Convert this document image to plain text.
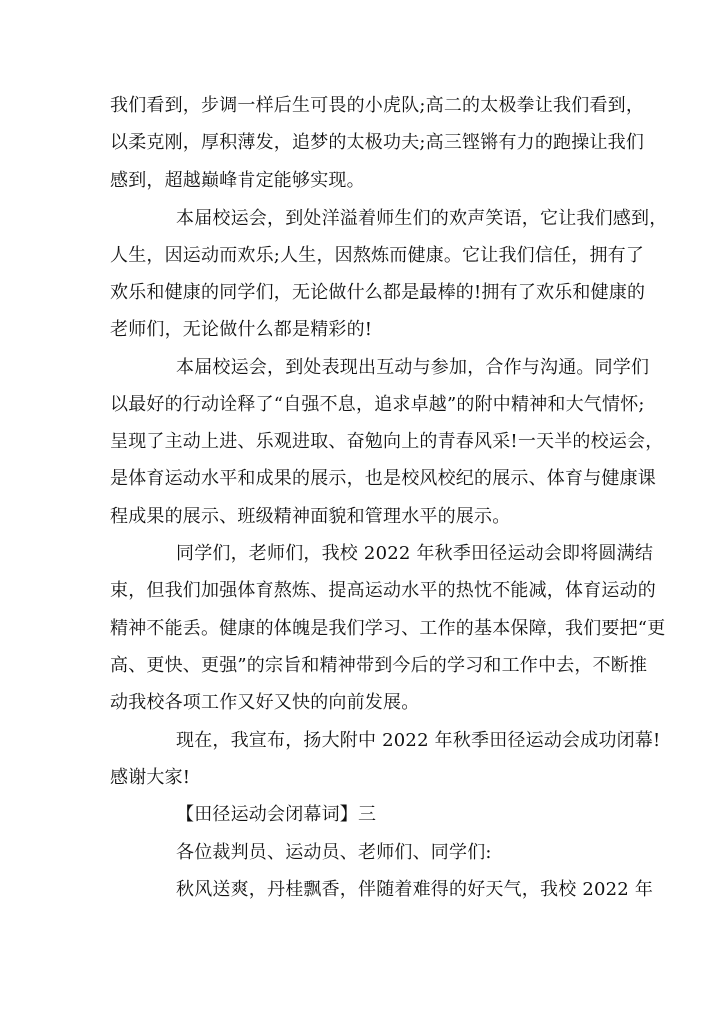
我们看到，步调一样后生可畏的小虎队;高二的太极拳让我们看到，
以柔克刚，厚积薄发，追梦的太极功夫;高三铿锵有力的跑操让我们
感到，超越巅峰肯定能够实现。
本届校运会，到处洋溢着师生们的欢声笑语，它让我们感到，
人生，因运动而欢乐;人生，因熬炼而健康。它让我们信任，拥有了
欢乐和健康的同学们，无论做什么都是最棒的!拥有了欢乐和健康的
老师们，无论做什么都是精彩的!
本届校运会，到处表现出互动与参加，合作与沟通。同学们
以最好的行动诠释了“自强不息，追求卓越”的附中精神和大气情怀;
呈现了主动上进、乐观进取、奋勉向上的青春风采!一天半的校运会，
是体育运动水平和成果的展示，也是校风校纪的展示、体育与健康课
程成果的展示、班级精神面貌和管理水平的展示。
同学们，老师们，我校 2022 年秋季田径运动会即将圆满结
束，但我们加强体育熬炼、提高运动水平的热忱不能减，体育运动的
精神不能丢。健康的体魄是我们学习、工作的基本保障，我们要把“更
高、更快、更强”的宗旨和精神带到今后的学习和工作中去，不断推
动我校各项工作又好又快的向前发展。
现在，我宣布，扬大附中 2022 年秋季田径运动会成功闭幕!
感谢大家!
【田径运动会闭幕词】三
各位裁判员、运动员、老师们、同学们:
秋风送爽，丹桂飘香，伴随着难得的好天气，我校 2022 年
